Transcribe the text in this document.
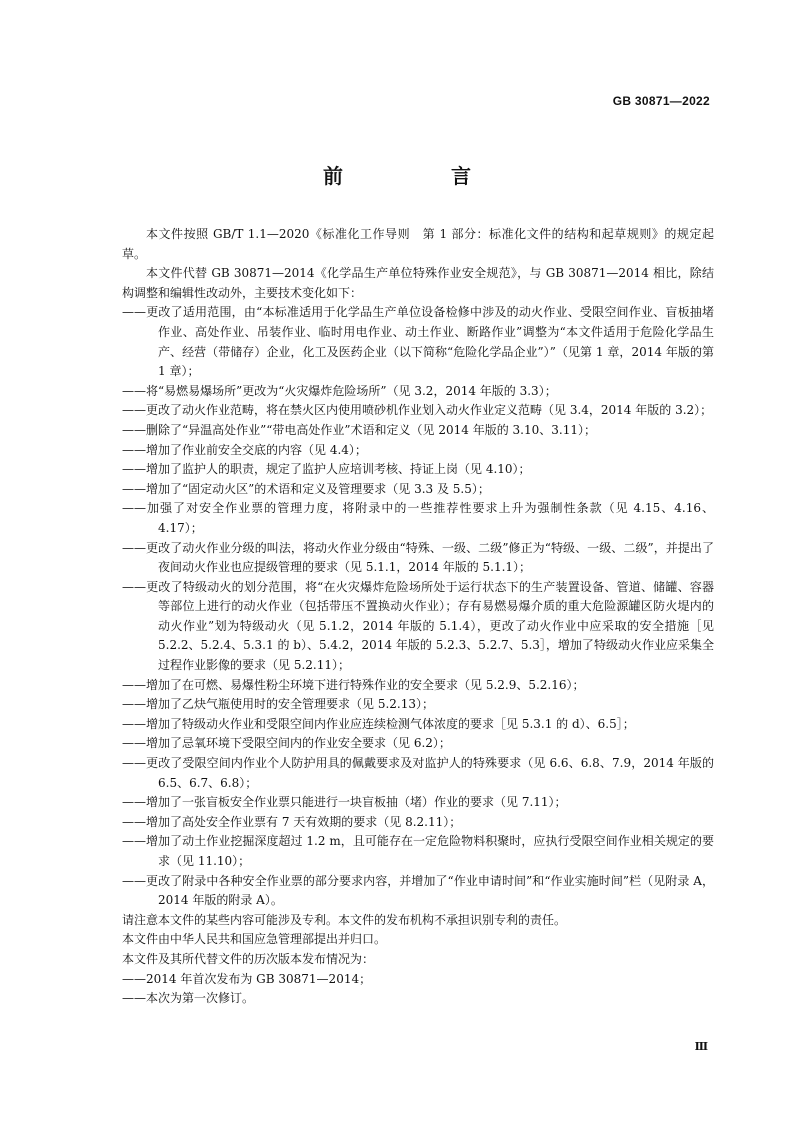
GB 30871—2022
前　言

本文件按照 GB/T 1.1—2020《标准化工作导则　第 1 部分：标准化文件的结构和起草规则》的规定起草。

本文件代替 GB 30871—2014《化学品生产单位特殊作业安全规范》，与 GB 30871—2014 相比，除结构调整和编辑性改动外，主要技术变化如下：

——更改了适用范围，由“本标准适用于化学品生产单位设备检修中涉及的动火作业、受限空间作业、盲板抽堵作业、高处作业、吊装作业、临时用电作业、动土作业、断路作业”调整为“本文件适用于危险化学品生产、经营（带储存）企业，化工及医药企业（以下简称“危险化学品企业”）”（见第 1 章，2014 年版的第 1 章）；

——将“易燃易爆场所”更改为“火灾爆炸危险场所”（见 3.2，2014 年版的 3.3）；

——更改了动火作业范畴，将在禁火区内使用喷砂机作业划入动火作业定义范畴（见 3.4，2014 年版的 3.2）；

——删除了“异温高处作业”“带电高处作业”术语和定义（见 2014 年版的 3.10、3.11）；

——增加了作业前安全交底的内容（见 4.4）；

——增加了监护人的职责，规定了监护人应培训考核、持证上岗（见 4.10）；

——增加了“固定动火区”的术语和定义及管理要求（见 3.3 及 5.5）；

——加强了对安全作业票的管理力度，将附录中的一些推荐性要求上升为强制性条款（见 4.15、4.16、4.17）；

——更改了动火作业分级的叫法，将动火作业分级由“特殊、一级、二级”修正为“特级、一级、二级”，并提出了夜间动火作业也应提级管理的要求（见 5.1.1，2014 年版的 5.1.1）；

——更改了特级动火的划分范围，将“在火灾爆炸危险场所处于运行状态下的生产装置设备、管道、储罐、容器等部位上进行的动火作业（包括带压不置换动火作业）；存有易燃易爆介质的重大危险源罐区防火堤内的动火作业”划为特级动火（见 5.1.2，2014 年版的 5.1.4），更改了动火作业中应采取的安全措施［见 5.2.2、5.2.4、5.3.1 的 b）、5.4.2，2014 年版的 5.2.3、5.2.7、5.3］，增加了特级动火作业应采集全过程作业影像的要求（见 5.2.11）；

——增加了在可燃、易爆性粉尘环境下进行特殊作业的安全要求（见 5.2.9、5.2.16）；

——增加了乙炔气瓶使用时的安全管理要求（见 5.2.13）；

——增加了特级动火作业和受限空间内作业应连续检测气体浓度的要求［见 5.3.1 的 d）、6.5］；

——增加了忌氧环境下受限空间内的作业安全要求（见 6.2）；

——更改了受限空间内作业个人防护用具的佩戴要求及对监护人的特殊要求（见 6.6、6.8、7.9，2014 年版的 6.5、6.7、6.8）；

——增加了一张盲板安全作业票只能进行一块盲板抽（堵）作业的要求（见 7.11）；

——增加了高处安全作业票有 7 天有效期的要求（见 8.2.11）；

——增加了动土作业挖掘深度超过 1.2 m，且可能存在一定危险物料积聚时，应执行受限空间作业相关规定的要求（见 11.10）；

——更改了附录中各种安全作业票的部分要求内容，并增加了“作业申请时间”和“作业实施时间”栏（见附录 A，2014 年版的附录 A）。

请注意本文件的某些内容可能涉及专利。本文件的发布机构不承担识别专利的责任。

本文件由中华人民共和国应急管理部提出并归口。

本文件及其所代替文件的历次版本发布情况为：

——2014 年首次发布为 GB 30871—2014；

——本次为第一次修订。

Ⅲ
